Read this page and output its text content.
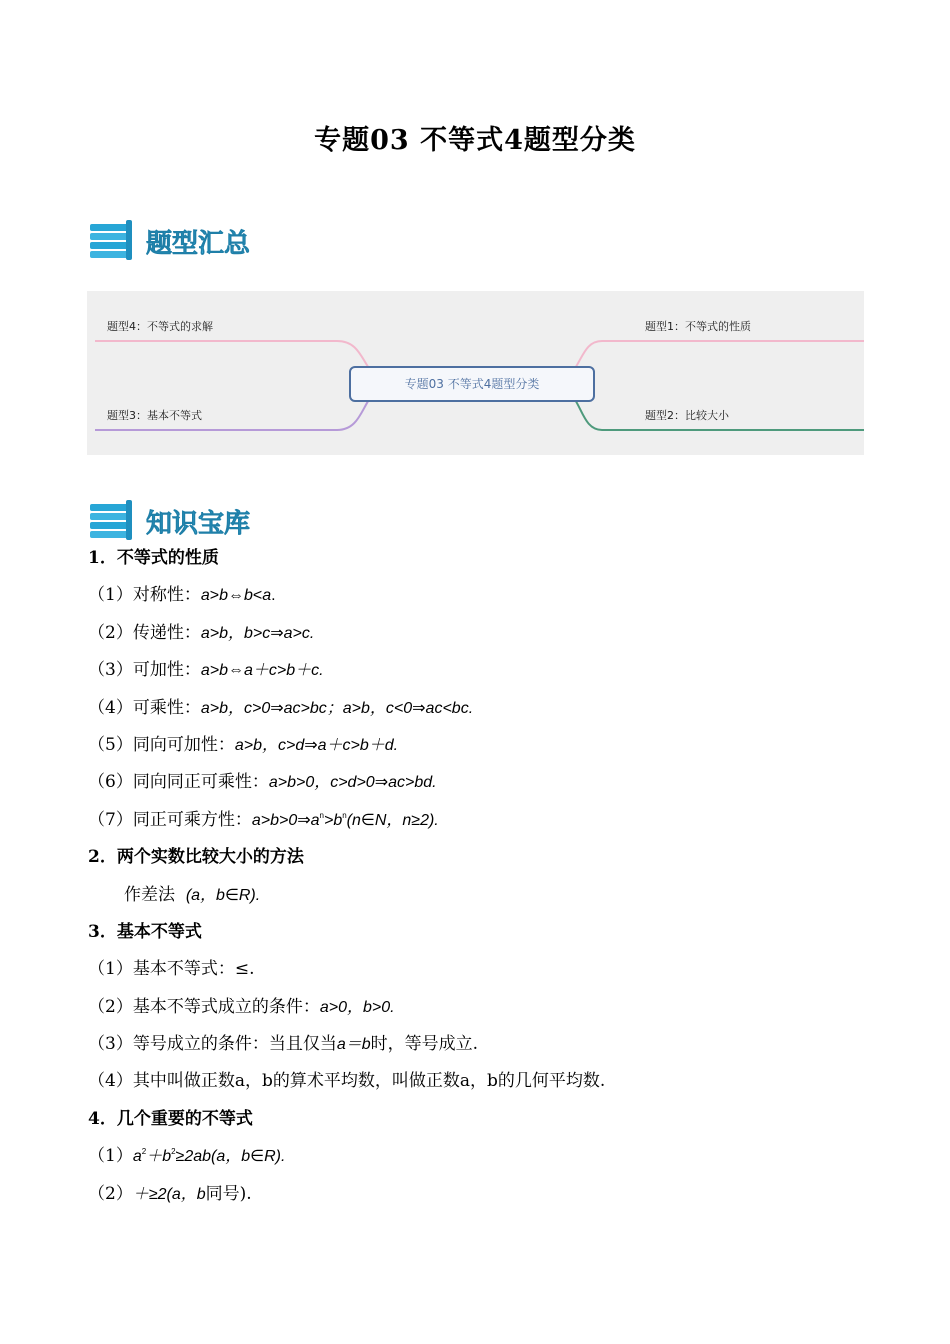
专题03 不等式4题型分类
题型汇总
题型4：不等式的求解
题型3：基本不等式
题型1：不等式的性质
题型2：比较大小
专题03 不等式4题型分类
知识宝库
1．不等式的性质
（1）对称性：a>b⇔b<a.
（2）传递性：a>b，b>c⇒a>c.
（3）可加性：a>b⇔a＋c>b＋c.
（4）可乘性：a>b，c>0⇒ac>bc；a>b，c<0⇒ac<bc.
（5）同向可加性：a>b，c>d⇒a＋c>b＋d.
（6）同向同正可乘性：a>b>0，c>d>0⇒ac>bd.
（7）同正可乘方性：$a>b>0\Rightarrow a^n>b^n(n\in N$，n≥2).
2．两个实数比较大小的方法
作差法 (a，b∈R).
3．基本不等式
（1）基本不等式：≤.
（2）基本不等式成立的条件：a>0，b>0.
（3）等号成立的条件：当且仅当a＝b时，等号成立.
（4）其中叫做正数a，b的算术平均数，叫做正数a，b的几何平均数.
4．几个重要的不等式
$(1)a^2+b^2\ge 2ab(a$，b∈R).
（2）＋≥2(a，b同号).
